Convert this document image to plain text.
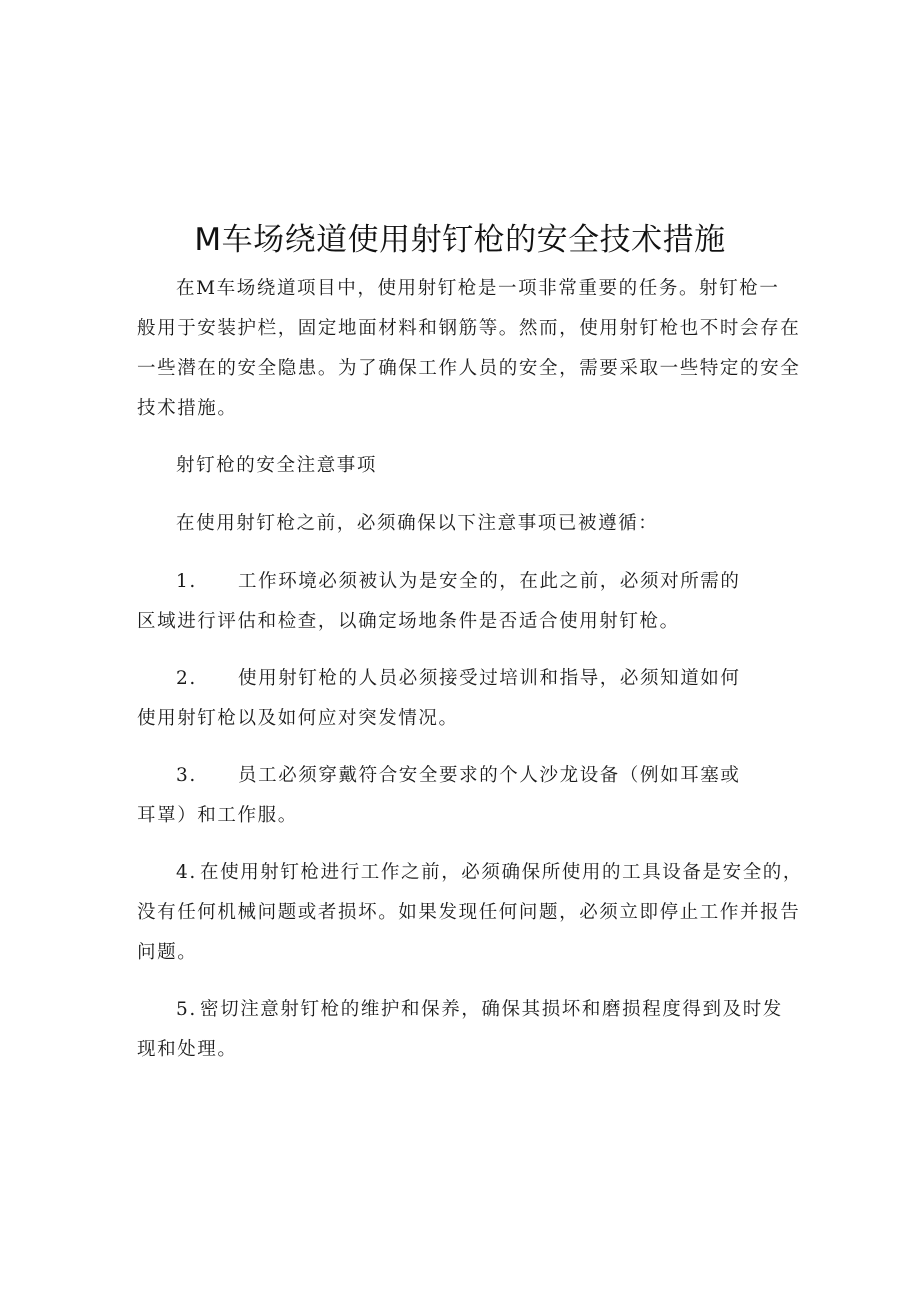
M车场绕道使用射钉枪的安全技术措施

在M车场绕道项目中，使用射钉枪是一项非常重要的任务。射钉枪一
般用于安装护栏，固定地面材料和钢筋等。然而，使用射钉枪也不时会存在
一些潜在的安全隐患。为了确保工作人员的安全，需要采取一些特定的安全
技术措施。

射钉枪的安全注意事项

在使用射钉枪之前，必须确保以下注意事项已被遵循：

1. 工作环境必须被认为是安全的，在此之前，必须对所需的
区域进行评估和检查，以确定场地条件是否适合使用射钉枪。

2. 使用射钉枪的人员必须接受过培训和指导，必须知道如何
使用射钉枪以及如何应对突发情况。

3. 员工必须穿戴符合安全要求的个人沙龙设备（例如耳塞或
耳罩）和工作服。

4. 在使用射钉枪进行工作之前，必须确保所使用的工具设备是安全的，
没有任何机械问题或者损坏。如果发现任何问题，必须立即停止工作并报告
问题。

5. 密切注意射钉枪的维护和保养，确保其损坏和磨损程度得到及时发
现和处理。
